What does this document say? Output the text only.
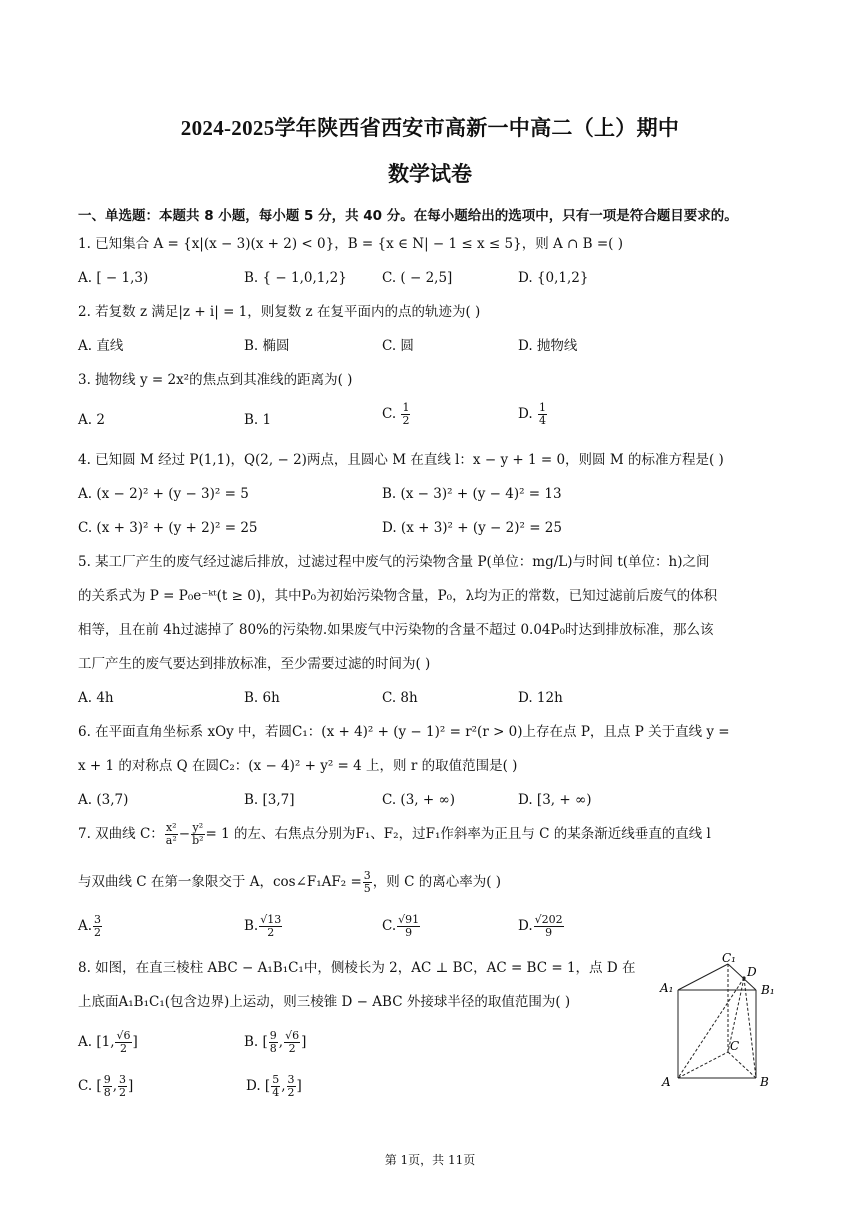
2024-2025学年陕西省西安市高新一中高二（上）期中
数学试卷
一、单选题：本题共 8 小题，每小题 5 分，共 40 分。在每小题给出的选项中，只有一项是符合题目要求的。
1. 已知集合 A = {x|(x − 3)(x + 2) < 0}，B = {x ∈ N| − 1 ≤ x ≤ 5}，则 A ∩ B =( )
A. [ − 1,3)	B. { − 1,0,1,2}	C. ( − 2,5]	D. {0,1,2}
2. 若复数 z 满足|z + i| = 1，则复数 z 在复平面内的点的轨迹为( )
A. 直线	B. 椭圆	C. 圆	D. 抛物线
3. 抛物线 y = 2x²的焦点到其准线的距离为( )
A. 2	B. 1	C. $\frac{1}{2}$	D. $\frac{1}{4}$
4. 已知圆 M 经过 P(1,1)，Q(2, − 2)两点，且圆心 M 在直线 l：x − y + 1 = 0，则圆 M 的标准方程是( )
A. (x − 2)² + (y − 3)² = 5	B. (x − 3)² + (y − 4)² = 13
C. (x + 3)² + (y + 2)² = 25	D. (x + 3)² + (y − 2)² = 25
5. 某工厂产生的废气经过滤后排放，过滤过程中废气的污染物含量 P(单位：mg/L)与时间 t(单位：h)之间
的关系式为 P = P₀e⁻ᵏᵗ(t ≥ 0)，其中P₀为初始污染物含量，P₀，λ均为正的常数，已知过滤前后废气的体积
相等，且在前 4h过滤掉了 80%的污染物.如果废气中污染物的含量不超过 0.04P₀时达到排放标准，那么该
工厂产生的废气要达到排放标准，至少需要过滤的时间为( )
A. 4h	B. 6h	C. 8h	D. 12h
6. 在平面直角坐标系 xOy 中，若圆C₁：(x + 4)² + (y − 1)² = r²(r > 0)上存在点 P，且点 P 关于直线 y =
x + 1 的对称点 Q 在圆C₂：(x − 4)² + y² = 4 上，则 r 的取值范围是( )
A. (3,7)	B. [3,7]	C. (3, + ∞)	D. [3, + ∞)
7. 双曲线 C： $\frac{\text{x²}}{\text{a²}} - \frac{\text{y²}}{\text{b²}} = 1$ 的左、右焦点分别为F₁、F₂，过F₁作斜率为正且与 C 的某条渐近线垂直的直线 l
与双曲线 C 在第一象限交于 A，cos∠F₁AF₂ = $\frac{3}{5}$ ，则 C 的离心率为( )
A. $\frac{3}{2}$	B. $\frac{√13}{2}$	C. $\frac{√91}{9}$	D. $\frac{√202}{9}$
8. 如图，在直三棱柱 ABC − A₁B₁C₁中，侧棱长为 2，AC ⊥ BC，AC = BC = 1，点 D 在
上底面A₁B₁C₁(包含边界)上运动，则三棱锥 D − ABC 外接球半径的取值范围为( )
A. [1, $\frac{√6}{2}$ ]	B. [ $\frac{9}{8}$ , $\frac{√6}{2}$ ]
C. [ $\frac{9}{8}$ , $\frac{3}{2}$ ]	D. [ $\frac{5}{4}$ , $\frac{3}{2}$ ]
A₁
C₁
D
B₁
A	B
C
第 1页，共 11页
